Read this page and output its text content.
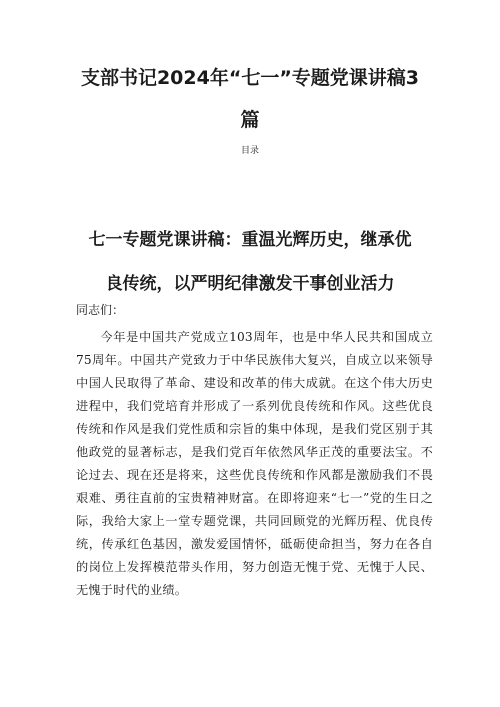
支部书记2024年“七一”专题党课讲稿3
篇
目录
七一专题党课讲稿：重温光辉历史，继承优
良传统，以严明纪律激发干事创业活力
同志们：

今年是中国共产党成立103周年，也是中华人民共和国成立75周年。中国共产党致力于中华民族伟大复兴，自成立以来领导中国人民取得了革命、建设和改革的伟大成就。在这个伟大历史进程中，我们党培育并形成了一系列优良传统和作风。这些优良传统和作风是我们党性质和宗旨的集中体现，是我们党区别于其他政党的显著标志，是我们党百年依然风华正茂的重要法宝。不论过去、现在还是将来，这些优良传统和作风都是激励我们不畏艰难、勇往直前的宝贵精神财富。在即将迎来“七一”党的生日之际，我给大家上一堂专题党课，共同回顾党的光辉历程、优良传统，传承红色基因，激发爱国情怀，砥砺使命担当，努力在各自的岗位上发挥模范带头作用，努力创造无愧于党、无愧于人民、无愧于时代的业绩。
